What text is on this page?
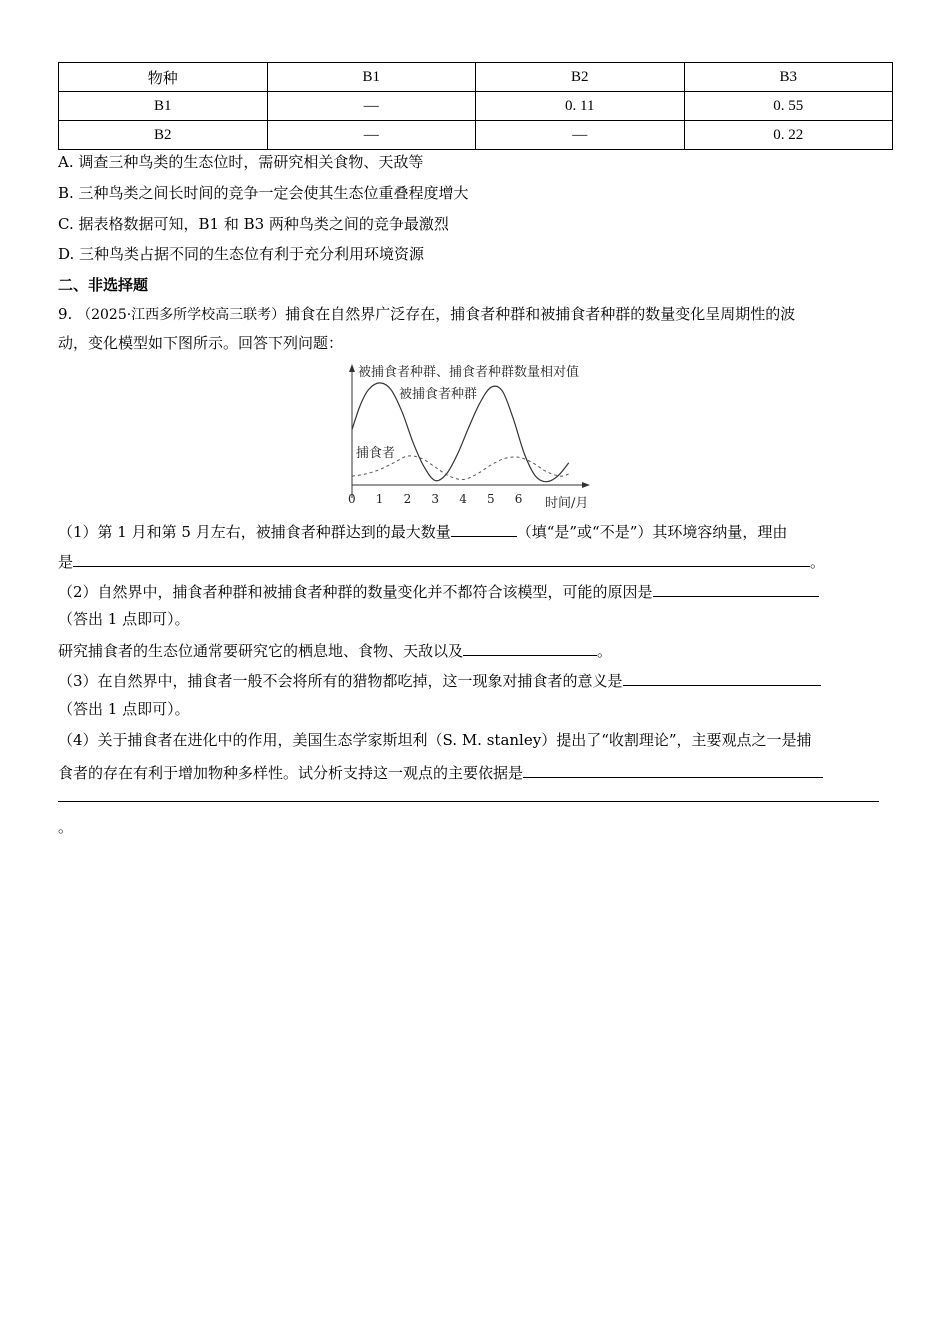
物种	B1	B2	B3
B1	—	0. 11	0. 55
B2	—	—	0. 22
A. 调查三种鸟类的生态位时，需研究相关食物、天敌等
B. 三种鸟类之间长时间的竞争一定会使其生态位重叠程度增大
C. 据表格数据可知，B1 和 B3 两种鸟类之间的竞争最激烈
D. 三种鸟类占据不同的生态位有利于充分利用环境资源
二、非选择题
9. （2025·江西多所学校高三联考）捕食在自然界广泛存在，捕食者种群和被捕食者种群的数量变化呈周期性的波
动，变化模型如下图所示。回答下列问题：
被捕食者种群、捕食者种群数量相对值
时间/月
被捕食者种群
捕食者
0 1 2 3 4 5 6
（1）第 1 月和第 5 月左右，被捕食者种群达到的最大数量	（填“是”或“不是”）其环境容纳量，理由
是	。
（2）自然界中，捕食者种群和被捕食者种群的数量变化并不都符合该模型，可能的原因是
（答出 1 点即可）。
研究捕食者的生态位通常要研究它的栖息地、食物、天敌以及	。
（3）在自然界中，捕食者一般不会将所有的猎物都吃掉，这一现象对捕食者的意义是
（答出 1 点即可）。
（4）关于捕食者在进化中的作用，美国生态学家斯坦利（S. M. stanley）提出了“收割理论”，主要观点之一是捕
食者的存在有利于增加物种多样性。试分析支持这一观点的主要依据是
。
